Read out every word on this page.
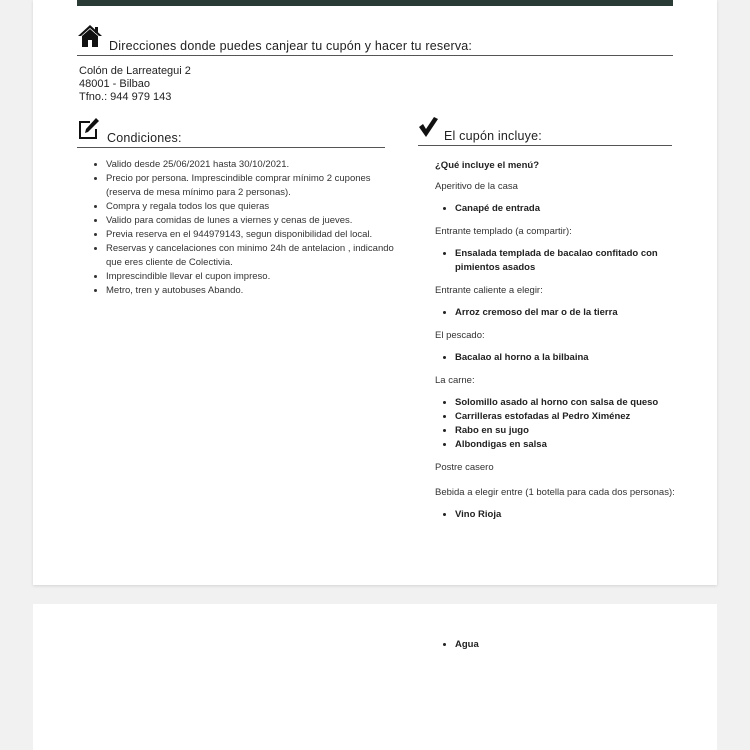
Direcciones donde puedes canjear tu cupón y hacer tu reserva:
Colón de Larreategui 2
48001 - Bilbao
Tfno.: 944 979 143
Condiciones:
• Valido desde 25/06/2021 hasta 30/10/2021.
• Precio por persona. Imprescindible comprar mínimo 2 cupones (reserva de mesa mínimo para 2 personas).
• Compra y regala todos los que quieras
• Valido para comidas de lunes a viernes y cenas de jueves.
• Previa reserva en el 944979143, segun disponibilidad del local.
• Reservas y cancelaciones con minimo 24h de antelacion , indicando que eres cliente de Colectivia.
• Imprescindible llevar el cupon impreso.
• Metro, tren y autobuses Abando.
El cupón incluye:
¿Qué incluye el menú?

Aperitivo de la casa

• Canapé de entrada

Entrante templado (a compartir):

• Ensalada templada de bacalao confitado con pimientos asados

Entrante caliente a elegir:

• Arroz cremoso del mar o de la tierra

El pescado:

• Bacalao al horno a la bilbaina

La carne:

• Solomillo asado al horno con salsa de queso
• Carrilleras estofadas al Pedro Ximénez
• Rabo en su jugo
• Albondigas en salsa

Postre casero

Bebida a elegir entre (1 botella para cada dos personas):

• Vino Rioja
• Agua
